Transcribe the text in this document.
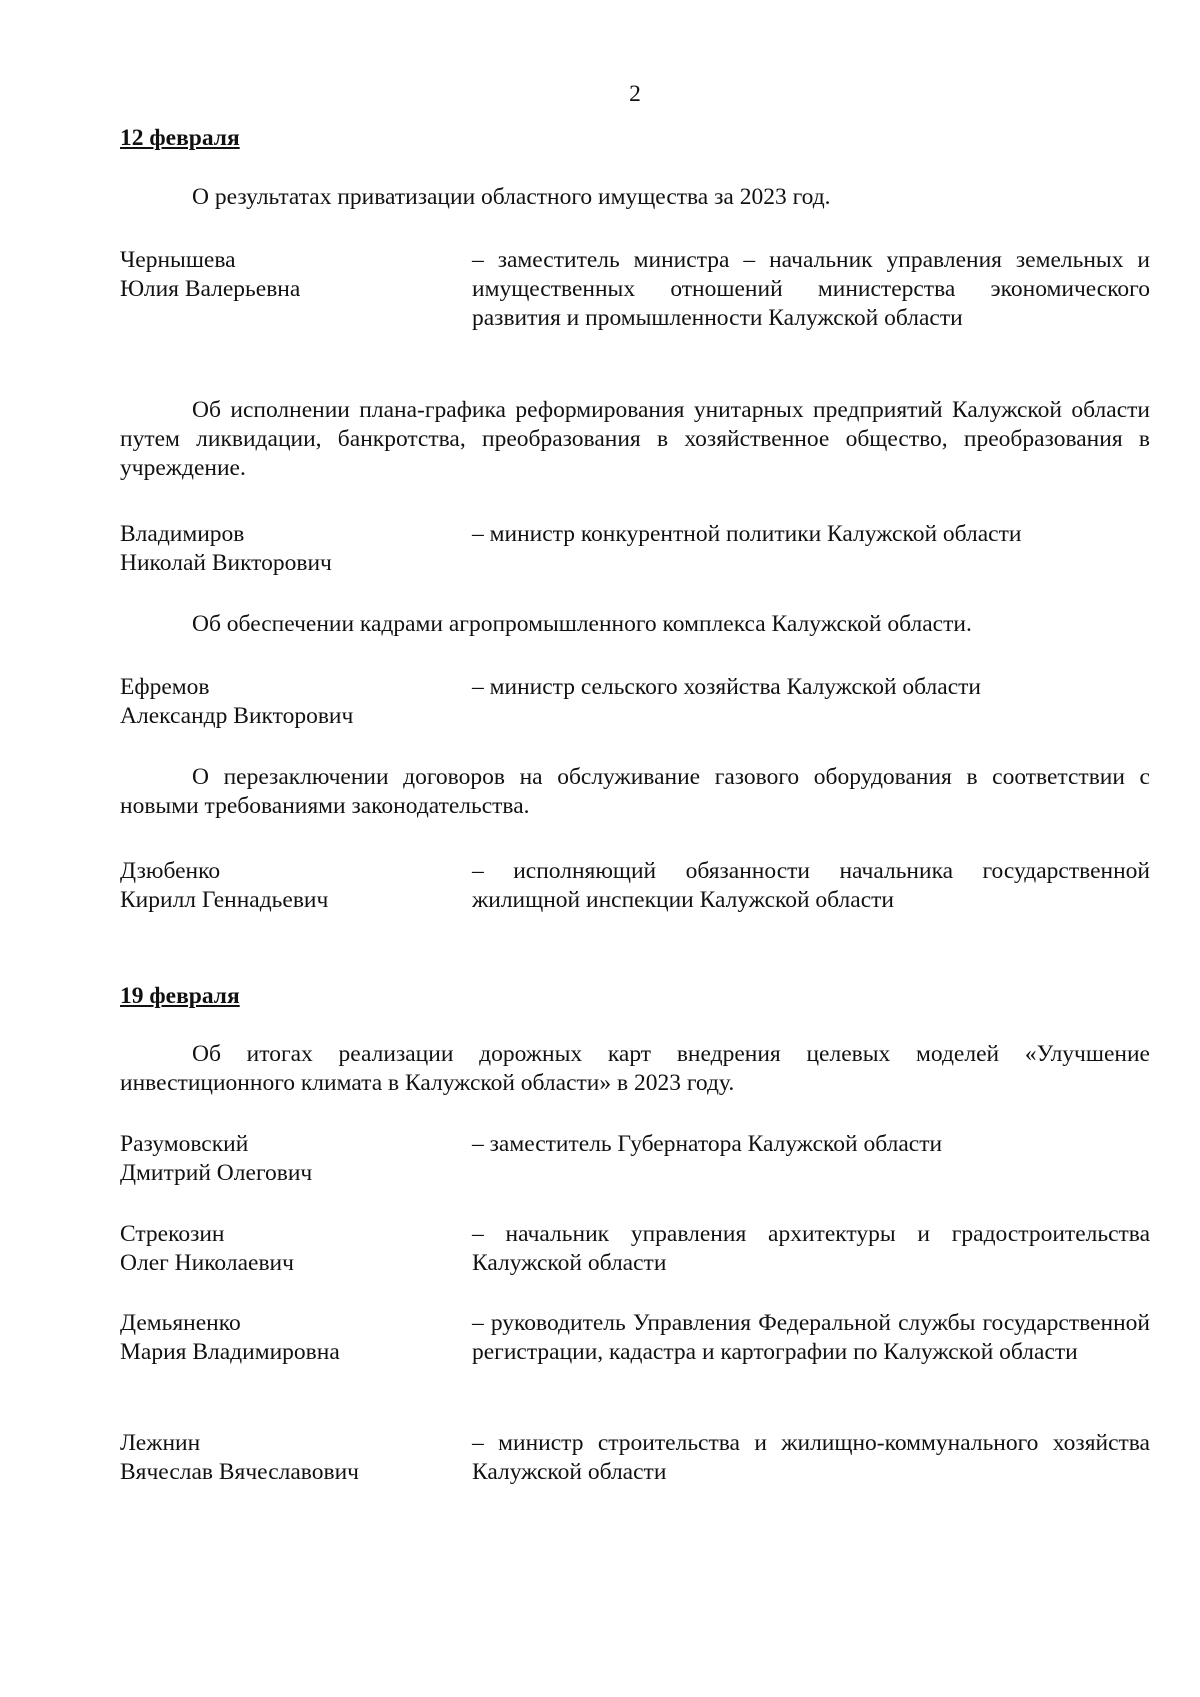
2
12 февраля
О результатах приватизации областного имущества за 2023 год.
Чернышева
Юлия Валерьевна
– заместитель министра – начальник управления земельных и имущественных отношений министерства экономического развития и промышленности Калужской области
Об исполнении плана-графика реформирования унитарных предприятий Калужской области путем ликвидации, банкротства, преобразования в хозяйственное общество, преобразования в учреждение.
Владимиров
Николай Викторович
– министр конкурентной политики Калужской области
Об обеспечении кадрами агропромышленного комплекса Калужской области.
Ефремов
Александр Викторович
– министр сельского хозяйства Калужской области
О перезаключении договоров на обслуживание газового оборудования в соответствии с новыми требованиями законодательства.
Дзюбенко
Кирилл Геннадьевич
– исполняющий обязанности начальника государственной жилищной инспекции Калужской области
19 февраля
Об итогах реализации дорожных карт внедрения целевых моделей «Улучшение инвестиционного климата в Калужской области» в 2023 году.
Разумовский
Дмитрий Олегович
– заместитель Губернатора Калужской области
Стрекозин
Олег Николаевич
– начальник управления архитектуры и градостроительства Калужской области
Демьяненко
Мария Владимировна
– руководитель Управления Федеральной службы государственной регистрации, кадастра и картографии по Калужской области
Лежнин
Вячеслав Вячеславович
– министр строительства и жилищно-коммунального хозяйства Калужской области
